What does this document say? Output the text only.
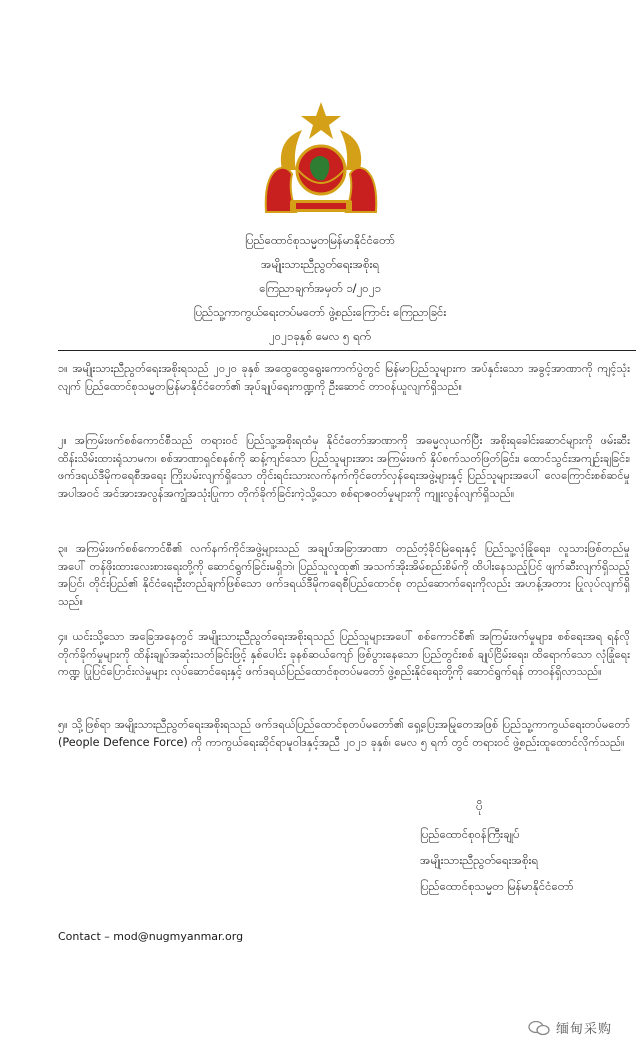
ပြည်ထောင်စုသမ္မတမြန်မာနိုင်ငံတော်
အမျိုးသားညီညွတ်ရေးအစိုးရ
ကြေညာချက်အမှတ် ၁/၂၀၂၁
ပြည်သူ့ကာကွယ်ရေးတပ်မတော် ဖွဲ့စည်းကြောင်း ကြေညာခြင်း
၂၀၂၁ခုနှစ် မေလ ၅ ရက်
၁။ အမျိုးသားညီညွတ်ရေးအစိုးရသည် ၂၀၂၀ ခုနှစ် အထွေထွေရွေးကောက်ပွဲတွင် မြန်မာပြည်သူများက အပ်နှင်းသော အခွင့်အာဏာကို ကျင့်သုံးလျက် ပြည်ထောင်စုသမ္မတမြန်မာနိုင်ငံတော်၏ အုပ်ချုပ်ရေးကဏ္ဍကို ဦးဆောင် တာဝန်ယူလျက်ရှိသည်။
၂။ အကြမ်းဖက်စစ်ကောင်စီသည် တရားဝင် ပြည်သူ့အစိုးရထံမှ နိုင်ငံတော်အာဏာကို အဓမ္မလုယက်ပြီး အစိုးရခေါင်းဆောင်များကို ဖမ်းဆီးထိန်းသိမ်းထားရုံသာမက၊ စစ်အာဏာရှင်စနစ်ကို ဆန့်ကျင်သော ပြည်သူများအား အကြမ်းဖက် နှိပ်စက်သတ်ဖြတ်ခြင်း၊ ထောင်သွင်းအကျဉ်းချခြင်း၊ ဖက်ဒရယ်ဒီမိုကရေစီအရေး ကြိုးပမ်းလျက်ရှိသော တိုင်းရင်းသားလက်နက်ကိုင်တော်လှန်ရေးအဖွဲ့များနှင့် ပြည်သူများအပေါ် လေကြောင်းစစ်ဆင်မှု အပါအဝင် အင်အားအလွန်အကျွံအသုံးပြုကာ တိုက်ခိုက်ခြင်းကဲ့သို့သော စစ်ရာဇဝတ်မှုများကို ကျူးလွန်လျက်ရှိသည်။
၃။ အကြမ်းဖက်စစ်ကောင်စီ၏ လက်နက်ကိုင်အဖွဲ့များသည် အချုပ်အခြာအာဏာ တည်တံ့ခိုင်မြဲရေးနှင့် ပြည်သူ့လုံခြုံရေး၊ လူသားဖြစ်တည်မှုအပေါ် တန်ဖိုးထားလေးစားရေးတို့ကို ဆောင်ရွက်ခြင်းမရှိဘဲ၊ ပြည်သူလူထု၏ အသက်အိုးအိမ်စည်းစိမ်ကို ထိပါးနေသည့်ပြင် ဖျက်ဆီးလျက်ရှိသည့်အပြင်၊ တိုင်းပြည်၏ နိုင်ငံရေးဦးတည်ချက်ဖြစ်သော ဖက်ဒရယ်ဒီမိုကရေစီပြည်ထောင်စု တည်ဆောက်ရေးကိုလည်း အဟန့်အတား ပြုလုပ်လျက်ရှိသည်။
၄။ ယင်းသို့သော အခြေအနေတွင် အမျိုးသားညီညွတ်ရေးအစိုးရသည် ပြည်သူများအပေါ် စစ်ကောင်စီ၏ အကြမ်းဖက်မှုများ၊ စစ်ရေးအရ ရန်လိုတိုက်ခိုက်မှုများကို ထိန်းချုပ်အဆုံးသတ်ခြင်းဖြင့် နှစ်ပေါင်း ခုနစ်ဆယ်ကျော် ဖြစ်ပွားနေသော ပြည်တွင်းစစ် ချုပ်ငြိမ်းရေး၊ ထိရောက်သော လုံခြုံရေးကဏ္ဍ ပြုပြင်ပြောင်းလဲမှုများ လုပ်ဆောင်ရေးနှင့် ဖက်ဒရယ်ပြည်ထောင်စုတပ်မတော် ဖွဲ့စည်းနိုင်ရေးတို့ကို ဆောင်ရွက်ရန် တာဝန်ရှိလာသည်။
၅။ သို့ဖြစ်ရာ အမျိုးသားညီညွတ်ရေးအစိုးရသည် ဖက်ဒရယ်ပြည်ထောင်စုတပ်မတော်၏ ရှေ့ပြေးအမြုတေအဖြစ် ပြည်သူ့ကာကွယ်ရေးတပ်မတော် (People Defence Force) ကို ကာကွယ်ရေးဆိုင်ရာမူဝါဒနှင့်အညီ ၂၀၂၁ ခုနှစ်၊ မေလ ၅ ရက် တွင် တရားဝင် ဖွဲ့စည်းထူထောင်လိုက်သည်။
ပို
ပြည်ထောင်စုဝန်ကြီးချုပ်
အမျိုးသားညီညွတ်ရေးအစိုးရ
ပြည်ထောင်စုသမ္မတ မြန်မာနိုင်ငံတော်
Contact – mod@nugmyanmar.org
缅甸采购
